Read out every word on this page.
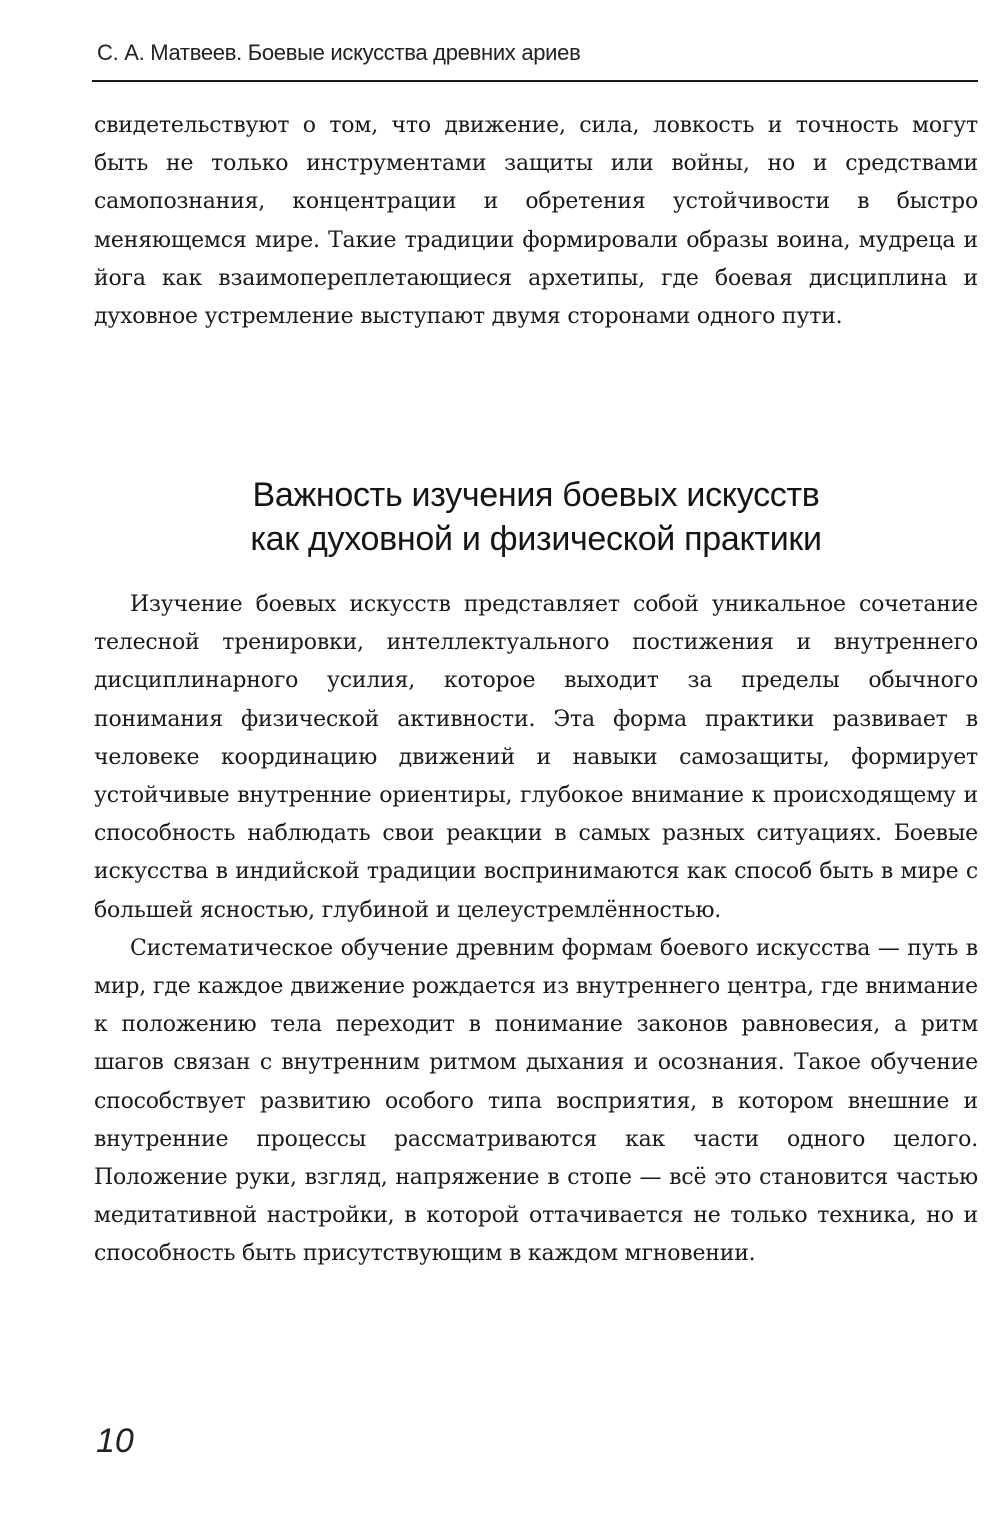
С. А. Матвеев. Боевые искусства древних ариев

свидетельствуют о том, что движение, сила, ловкость и точность могут быть не только инструментами защиты или войны, но и средствами самопознания, концентрации и обретения устойчивости в быстро меняющемся мире. Такие традиции формировали образы воина, мудреца и йога как взаимопереплетающиеся архетипы, где боевая дисциплина и духовное устремление выступают двумя сторонами одного пути.

Важность изучения боевых искусств
как духовной и физической практики

Изучение боевых искусств представляет собой уникальное сочетание телесной тренировки, интеллектуального постижения и внутреннего дисциплинарного усилия, которое выходит за пределы обычного понимания физической активности. Эта форма практики развивает в человеке координацию движений и навыки самозащиты, формирует устойчивые внутренние ориентиры, глубокое внимание к происходящему и способность наблюдать свои реакции в самых разных ситуациях. Боевые искусства в индийской традиции воспринимаются как способ быть в мире с большей ясностью, глубиной и целеустремлённостью.

Систематическое обучение древним формам боевого искусства — путь в мир, где каждое движение рождается из внутреннего центра, где внимание к положению тела переходит в понимание законов равновесия, а ритм шагов связан с внутренним ритмом дыхания и осознания. Такое обучение способствует развитию особого типа восприятия, в котором внешние и внутренние процессы рассматриваются как части одного целого. Положение руки, взгляд, напряжение в стопе — всё это становится частью медитативной настройки, в которой оттачивается не только техника, но и способность быть присутствующим в каждом мгновении.

10
